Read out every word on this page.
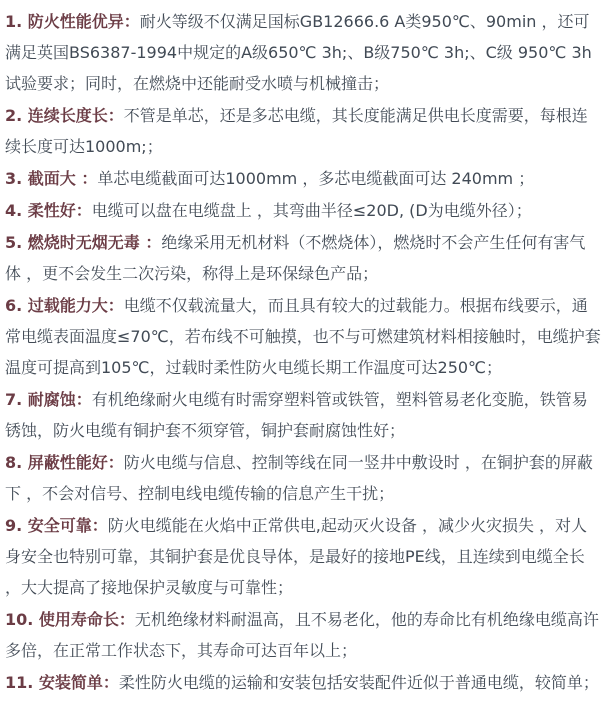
1. 防火性能优异：耐火等级不仅满足国标GB12666.6 A类950℃、90min ，还可满足英国BS6387-1994中规定的A级650℃ 3h;、B级750℃ 3h;、C级 950℃ 3h试验要求；同时，在燃烧中还能耐受水喷与机械撞击；

2. 连续长度长：不管是单芯，还是多芯电缆，其长度能满足供电长度需要，每根连续长度可达1000m;；

3. 截面大 ：单芯电缆截面可达1000mm ，多芯电缆截面可达 240mm ；

4. 柔性好：电缆可以盘在电缆盘上 ，其弯曲半径≤20D, (D为电缆外径）；

5. 燃烧时无烟无毒 ：绝缘采用无机材料（不燃烧体），燃烧时不会产生任何有害气体 ，更不会发生二次污染，称得上是环保绿色产品；

6. 过载能力大：电缆不仅载流量大，而且具有较大的过载能力。根据布线要示，通常电缆表面温度≤70℃，若布线不可触摸，也不与可燃建筑材料相接触时，电缆护套温度可提高到105℃，过载时柔性防火电缆长期工作温度可达250℃；

7. 耐腐蚀：有机绝缘耐火电缆有时需穿塑料管或铁管，塑料管易老化变脆，铁管易锈蚀，防火电缆有铜护套不须穿管，铜护套耐腐蚀性好；

8. 屏蔽性能好：防火电缆与信息、控制等线在同一竖井中敷设时 ，在铜护套的屏蔽下 ，不会对信号、控制电线电缆传输的信息产生干扰；

9. 安全可靠：防火电缆能在火焰中正常供电,起动灭火设备 ，减少火灾损失 ，对人身安全也特别可靠，其铜护套是优良导体，是最好的接地PE线，且连续到电缆全长 ，大大提高了接地保护灵敏度与可靠性；

10. 使用寿命长：无机绝缘材料耐温高，且不易老化，他的寿命比有机绝缘电缆高许多倍，在正常工作状态下，其寿命可达百年以上；

11. 安装简单：柔性防火电缆的运输和安装包括安装配件近似于普通电缆，较简单；
